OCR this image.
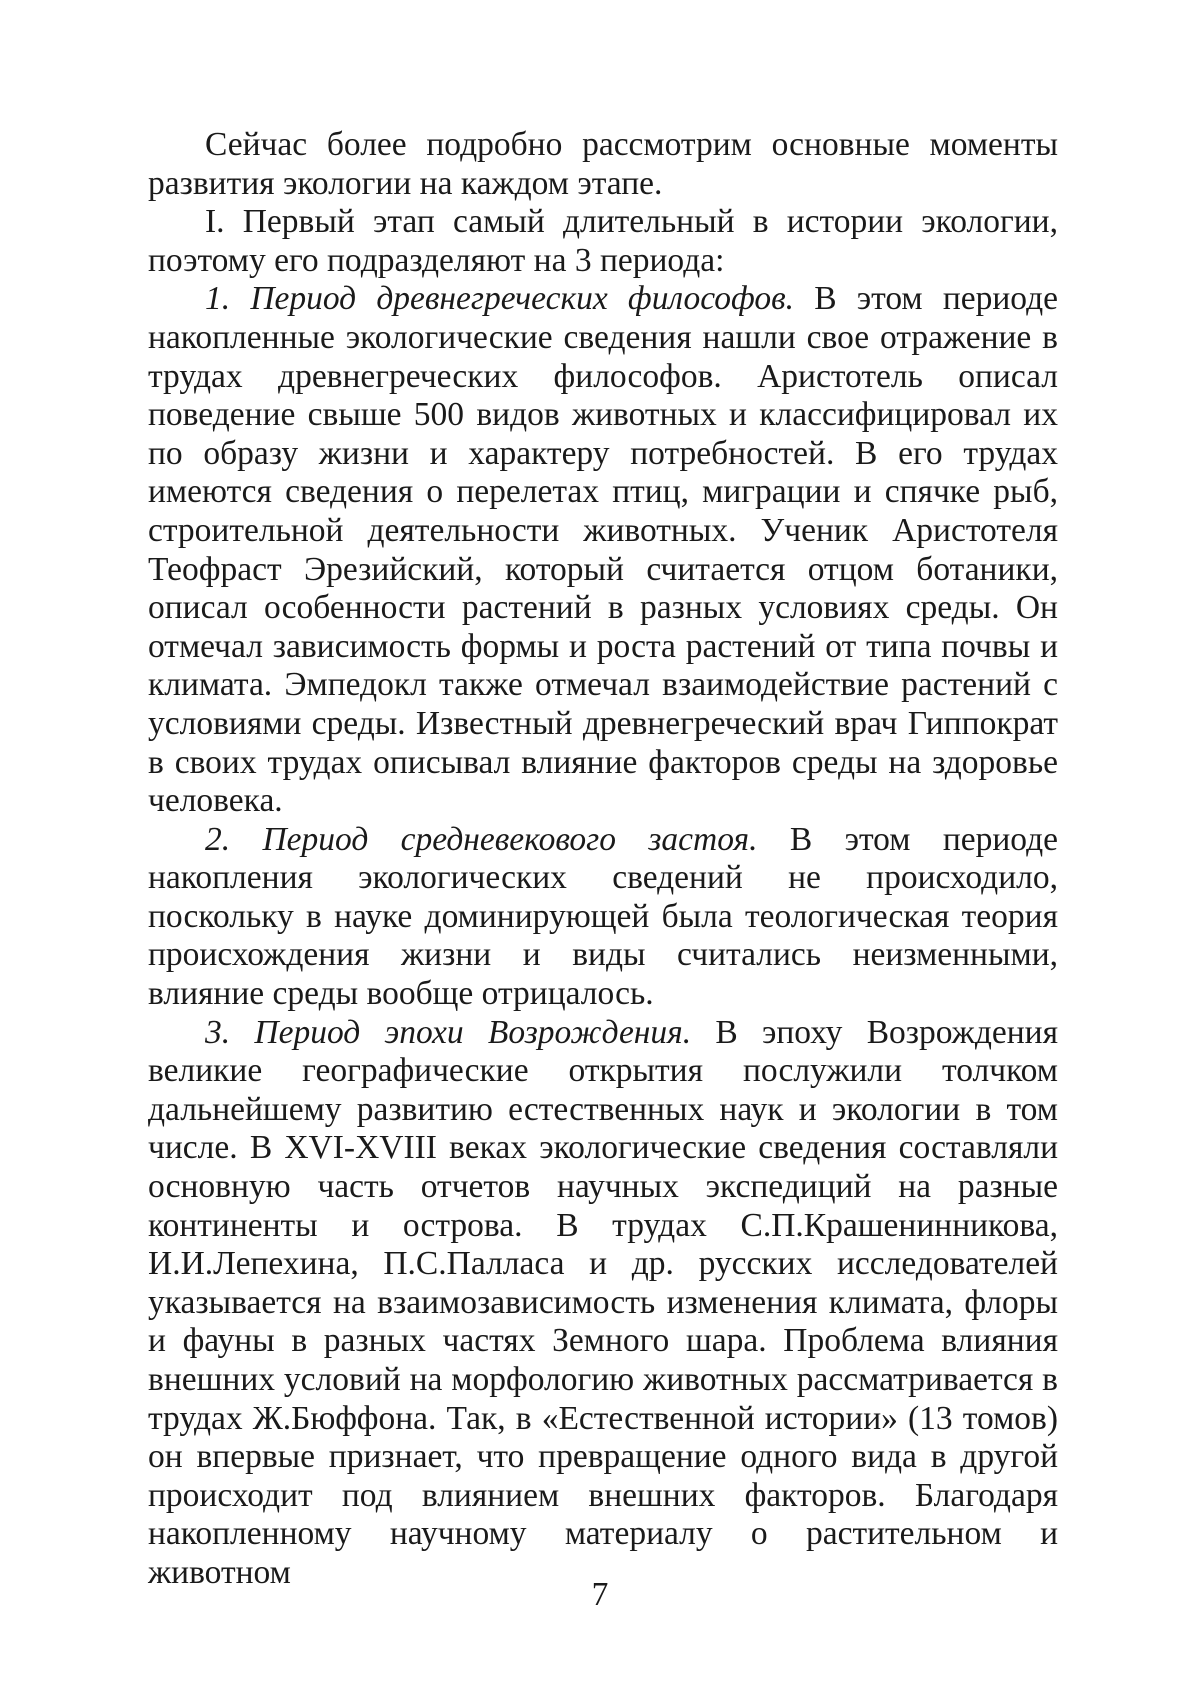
Сейчас более подробно рассмотрим основные моменты развития экологии на каждом этапе.

I. Первый этап самый длительный в истории экологии, поэтому его подразделяют на 3 периода:

1. Период древнегреческих философов. В этом периоде накопленные экологические сведения нашли свое отражение в трудах древнегреческих философов. Аристотель описал поведение свыше 500 видов животных и классифицировал их по образу жизни и характеру потребностей. В его трудах имеются сведения о перелетах птиц, миграции и спячке рыб, строительной деятельности животных. Ученик Аристотеля Теофраст Эрезийский, который считается отцом ботаники, описал особенности растений в разных условиях среды. Он отмечал зависимость формы и роста растений от типа почвы и климата. Эмпедокл также отмечал взаимодействие растений с условиями среды. Известный древнегреческий врач Гиппократ в своих трудах описывал влияние факторов среды на здоровье человека.

2. Период средневекового застоя. В этом периоде накопления экологических сведений не происходило, поскольку в науке доминирующей была теологическая теория происхождения жизни и виды считались неизменными, влияние среды вообще отрицалось.

3. Период эпохи Возрождения. В эпоху Возрождения великие географические открытия послужили толчком дальнейшему развитию естественных наук и экологии в том числе. В XVI-XVIII веках экологические сведения составляли основную часть отчетов научных экспедиций на разные континенты и острова. В трудах С.П.Крашенинникова, И.И.Лепехина, П.С.Палласа и др. русских исследователей указывается на взаимозависимость изменения климата, флоры и фауны в разных частях Земного шара. Проблема влияния внешних условий на морфологию животных рассматривается в трудах Ж.Бюффона. Так, в «Естественной истории» (13 томов) он впервые признает, что превращение одного вида в другой происходит под влиянием внешних факторов. Благодаря накопленному научному материалу о растительном и животном

7
